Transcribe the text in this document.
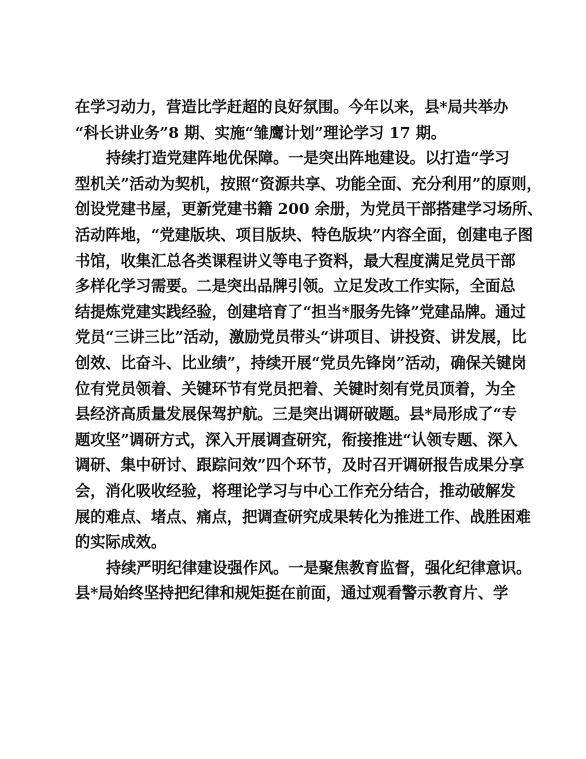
在学习动力，营造比学赶超的良好氛围。今年以来，县*局共举办
“科长讲业务”8 期、实施“雏鹰计划”理论学习 17 期。

持续打造党建阵地优保障。一是突出阵地建设。以打造“学习
型机关”活动为契机，按照“资源共享、功能全面、充分利用”的原则，
创设党建书屋，更新党建书籍 200 余册，为党员干部搭建学习场所、
活动阵地，“党建版块、项目版块、特色版块”内容全面，创建电子图
书馆，收集汇总各类课程讲义等电子资料，最大程度满足党员干部
多样化学习需要。二是突出品牌引领。立足发改工作实际，全面总
结提炼党建实践经验，创建培育了“担当*服务先锋”党建品牌。通过
党员“三讲三比”活动，激励党员带头“讲项目、讲投资、讲发展，比
创效、比奋斗、比业绩”，持续开展“党员先锋岗”活动，确保关键岗
位有党员领着、关键环节有党员把着、关键时刻有党员顶着，为全
县经济高质量发展保驾护航。三是突出调研破题。县*局形成了“专
题攻坚”调研方式，深入开展调查研究，衔接推进“认领专题、深入
调研、集中研讨、跟踪问效”四个环节，及时召开调研报告成果分享
会，消化吸收经验，将理论学习与中心工作充分结合，推动破解发
展的难点、堵点、痛点，把调查研究成果转化为推进工作、战胜困难
的实际成效。

持续严明纪律建设强作风。一是聚焦教育监督，强化纪律意识。
县*局始终坚持把纪律和规矩挺在前面，通过观看警示教育片、学
